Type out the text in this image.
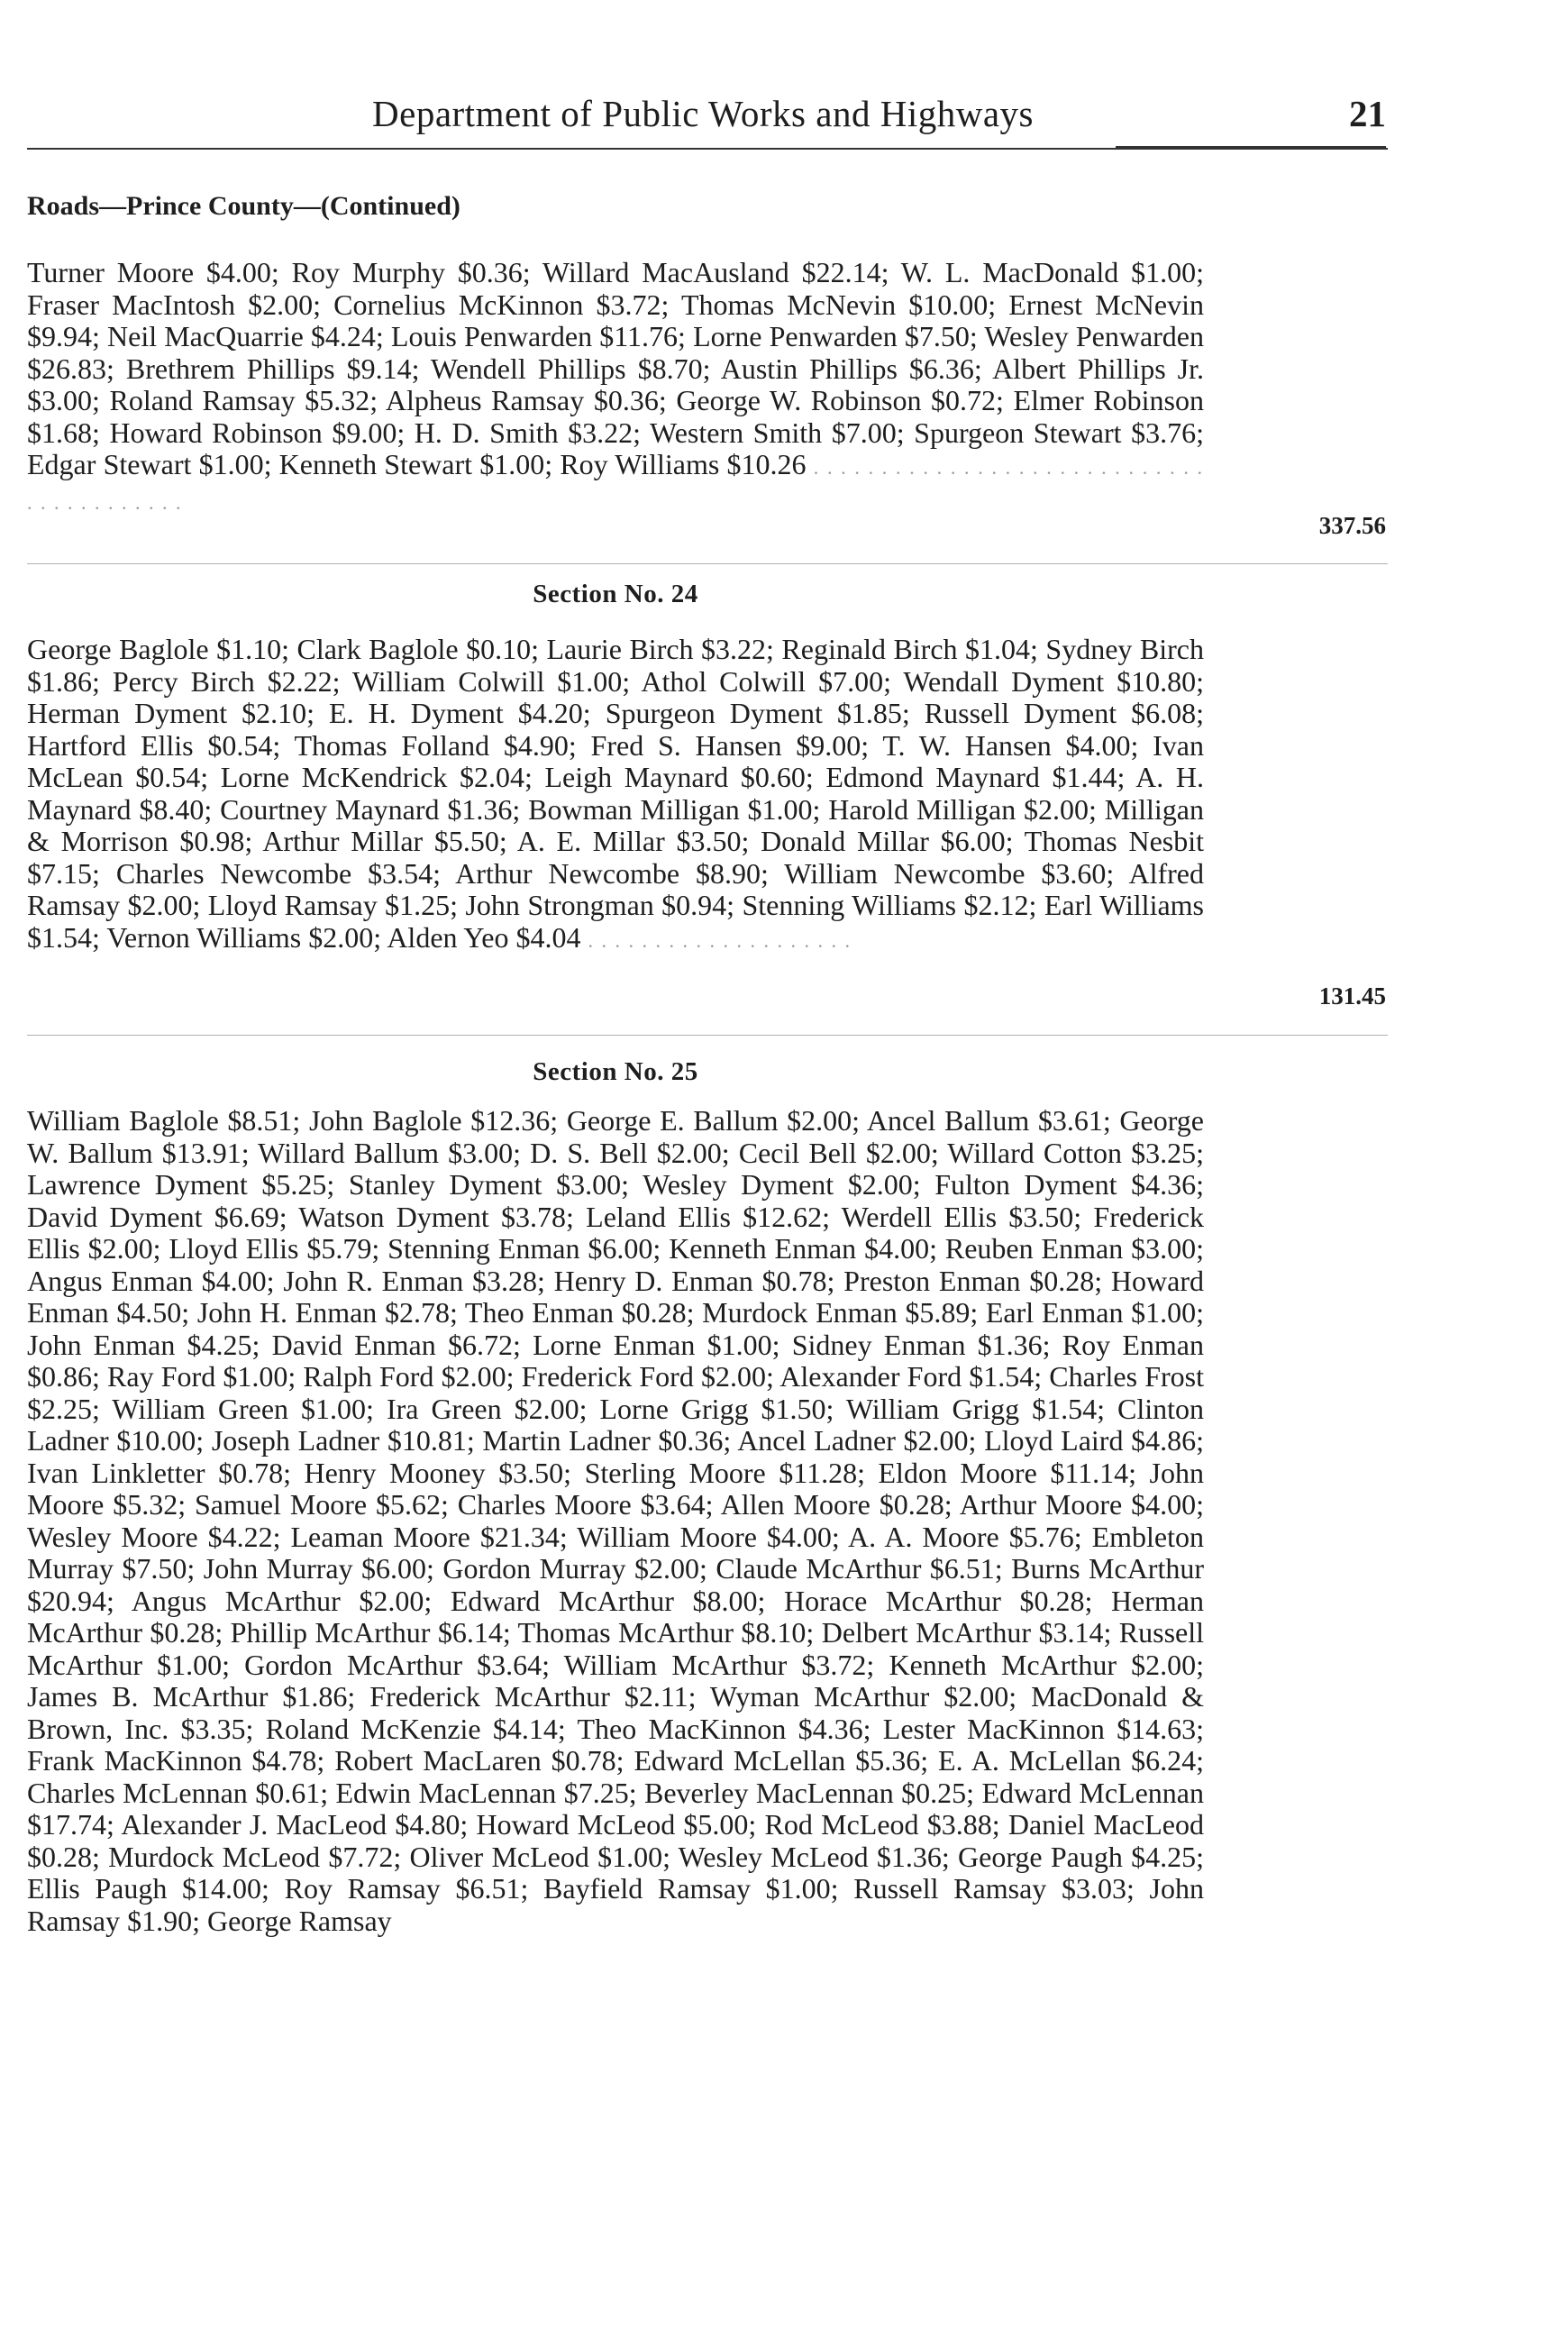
Department of Public Works and Highways	21
Roads—Prince County—(Continued)

Turner Moore $4.00; Roy Murphy $0.36; Willard MacAusland $22.14; W. L. MacDonald $1.00; Fraser MacIntosh $2.00; Cornelius McKinnon $3.72; Thomas McNevin $10.00; Ernest McNevin $9.94; Neil MacQuarrie $4.24; Louis Penwarden $11.76; Lorne Penwarden $7.50; Wesley Penwarden $26.83; Brethrem Phillips $9.14; Wendell Phillips $8.70; Austin Phillips $6.36; Albert Phillips Jr. $3.00; Roland Ramsay $5.32; Alpheus Ramsay $0.36; George W. Robinson $0.72; Elmer Robinson $1.68; Howard Robinson $9.00; H. D. Smith $3.22; Western Smith $7.00; Spurgeon Stewart $3.76; Edgar Stewart $1.00; Kenneth Stewart $1.00; Roy Williams $10.26 . . . . . . . . . . . . . . . . . . . . . . . . . . . . . . . . . . . . . . . . .

337.56
Section No. 24

George Baglole $1.10; Clark Baglole $0.10; Laurie Birch $3.22; Reginald Birch $1.04; Sydney Birch $1.86; Percy Birch $2.22; William Colwill $1.00; Athol Colwill $7.00; Wendall Dyment $10.80; Herman Dyment $2.10; E. H. Dyment $4.20; Spurgeon Dyment $1.85; Russell Dyment $6.08; Hartford Ellis $0.54; Thomas Folland $4.90; Fred S. Hansen $9.00; T. W. Hansen $4.00; Ivan McLean $0.54; Lorne McKendrick $2.04; Leigh Maynard $0.60; Edmond Maynard $1.44; A. H. Maynard $8.40; Courtney Maynard $1.36; Bowman Milligan $1.00; Harold Milligan $2.00; Milligan & Morrison $0.98; Arthur Millar $5.50; A. E. Millar $3.50; Donald Millar $6.00; Thomas Nesbit $7.15; Charles Newcombe $3.54; Arthur Newcombe $8.90; William Newcombe $3.60; Alfred Ramsay $2.00; Lloyd Ramsay $1.25; John Strongman $0.94; Stenning Williams $2.12; Earl Williams $1.54; Vernon Williams $2.00; Alden Yeo $4.04 . . . . . . . . . . . . . . . . . . . .

131.45
Section No. 25

William Baglole $8.51; John Baglole $12.36; George E. Ballum $2.00; Ancel Ballum $3.61; George W. Ballum $13.91; Willard Ballum $3.00; D. S. Bell $2.00; Cecil Bell $2.00; Willard Cotton $3.25; Lawrence Dyment $5.25; Stanley Dyment $3.00; Wesley Dyment $2.00; Fulton Dyment $4.36; David Dyment $6.69; Watson Dyment $3.78; Leland Ellis $12.62; Werdell Ellis $3.50; Frederick Ellis $2.00; Lloyd Ellis $5.79; Stenning Enman $6.00; Kenneth Enman $4.00; Reuben Enman $3.00; Angus Enman $4.00; John R. Enman $3.28; Henry D. Enman $0.78; Preston Enman $0.28; Howard Enman $4.50; John H. Enman $2.78; Theo Enman $0.28; Murdock Enman $5.89; Earl Enman $1.00; John Enman $4.25; David Enman $6.72; Lorne Enman $1.00; Sidney Enman $1.36; Roy Enman $0.86; Ray Ford $1.00; Ralph Ford $2.00; Frederick Ford $2.00; Alexander Ford $1.54; Charles Frost $2.25; William Green $1.00; Ira Green $2.00; Lorne Grigg $1.50; William Grigg $1.54; Clinton Ladner $10.00; Joseph Ladner $10.81; Martin Ladner $0.36; Ancel Ladner $2.00; Lloyd Laird $4.86; Ivan Linkletter $0.78; Henry Mooney $3.50; Sterling Moore $11.28; Eldon Moore $11.14; John Moore $5.32; Samuel Moore $5.62; Charles Moore $3.64; Allen Moore $0.28; Arthur Moore $4.00; Wesley Moore $4.22; Leaman Moore $21.34; William Moore $4.00; A. A. Moore $5.76; Embleton Murray $7.50; John Murray $6.00; Gordon Murray $2.00; Claude McArthur $6.51; Burns McArthur $20.94; Angus McArthur $2.00; Edward McArthur $8.00; Horace McArthur $0.28; Herman McArthur $0.28; Phillip McArthur $6.14; Thomas McArthur $8.10; Delbert McArthur $3.14; Russell McArthur $1.00; Gordon McArthur $3.64; William McArthur $3.72; Kenneth McArthur $2.00; James B. McArthur $1.86; Frederick McArthur $2.11; Wyman McArthur $2.00; MacDonald & Brown, Inc. $3.35; Roland McKenzie $4.14; Theo MacKinnon $4.36; Lester MacKinnon $14.63; Frank MacKinnon $4.78; Robert MacLaren $0.78; Edward McLellan $5.36; E. A. McLellan $6.24; Charles McLennan $0.61; Edwin MacLennan $7.25; Beverley MacLennan $0.25; Edward McLennan $17.74; Alexander J. MacLeod $4.80; Howard McLeod $5.00; Rod McLeod $3.88; Daniel MacLeod $0.28; Murdock McLeod $7.72; Oliver McLeod $1.00; Wesley McLeod $1.36; George Paugh $4.25; Ellis Paugh $14.00; Roy Ramsay $6.51; Bayfield Ramsay $1.00; Russell Ramsay $3.03; John Ramsay $1.90; George Ramsay
